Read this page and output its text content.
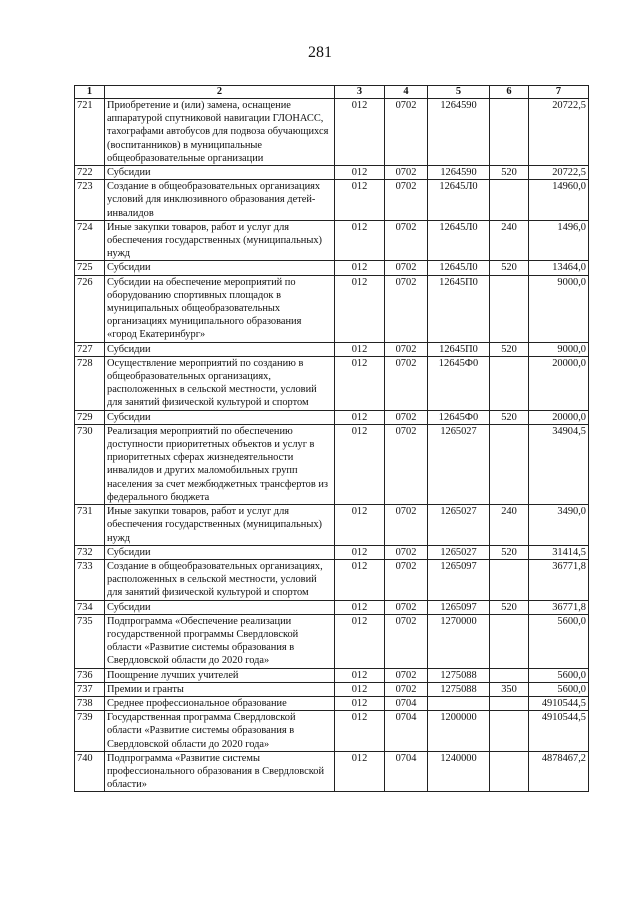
281
1	2	3	4	5	6	7
721	Приобретение и (или) замена, оснащение аппаратурой спутниковой навигации ГЛОНАСС, тахографами автобусов для подвоза обучающихся (воспитанников) в муниципальные общеобразовательные организации	012	0702	1264590		20722,5
722	Субсидии	012	0702	1264590	520	20722,5
723	Создание в общеобразовательных организациях условий для инклюзивного образования детей-инвалидов	012	0702	12645Л0		14960,0
724	Иные закупки товаров, работ и услуг для обеспечения государственных (муниципальных) нужд	012	0702	12645Л0	240	1496,0
725	Субсидии	012	0702	12645Л0	520	13464,0
726	Субсидии на обеспечение мероприятий по оборудованию спортивных площадок в муниципальных общеобразовательных организациях муниципального образования «город Екатеринбург»	012	0702	12645П0		9000,0
727	Субсидии	012	0702	12645П0	520	9000,0
728	Осуществление мероприятий по созданию в общеобразовательных организациях, расположенных в сельской местности, условий для занятий физической культурой и спортом	012	0702	12645Ф0		20000,0
729	Субсидии	012	0702	12645Ф0	520	20000,0
730	Реализация мероприятий по обеспечению доступности приоритетных объектов и услуг в приоритетных сферах жизнедеятельности инвалидов и других маломобильных групп населения за счет межбюджетных трансфертов из федерального бюджета	012	0702	1265027		34904,5
731	Иные закупки товаров, работ и услуг для обеспечения государственных (муниципальных) нужд	012	0702	1265027	240	3490,0
732	Субсидии	012	0702	1265027	520	31414,5
733	Создание в общеобразовательных организациях, расположенных в сельской местности, условий для занятий физической культурой и спортом	012	0702	1265097		36771,8
734	Субсидии	012	0702	1265097	520	36771,8
735	Подпрограмма «Обеспечение реализации государственной программы Свердловской области «Развитие системы образования в Свердловской области до 2020 года»	012	0702	1270000		5600,0
736	Поощрение лучших учителей	012	0702	1275088		5600,0
737	Премии и гранты	012	0702	1275088	350	5600,0
738	Среднее профессиональное образование	012	0704			4910544,5
739	Государственная программа Свердловской области «Развитие системы образования в Свердловской области до 2020 года»	012	0704	1200000		4910544,5
740	Подпрограмма «Развитие системы профессионального образования в Свердловской области»	012	0704	1240000		4878467,2
